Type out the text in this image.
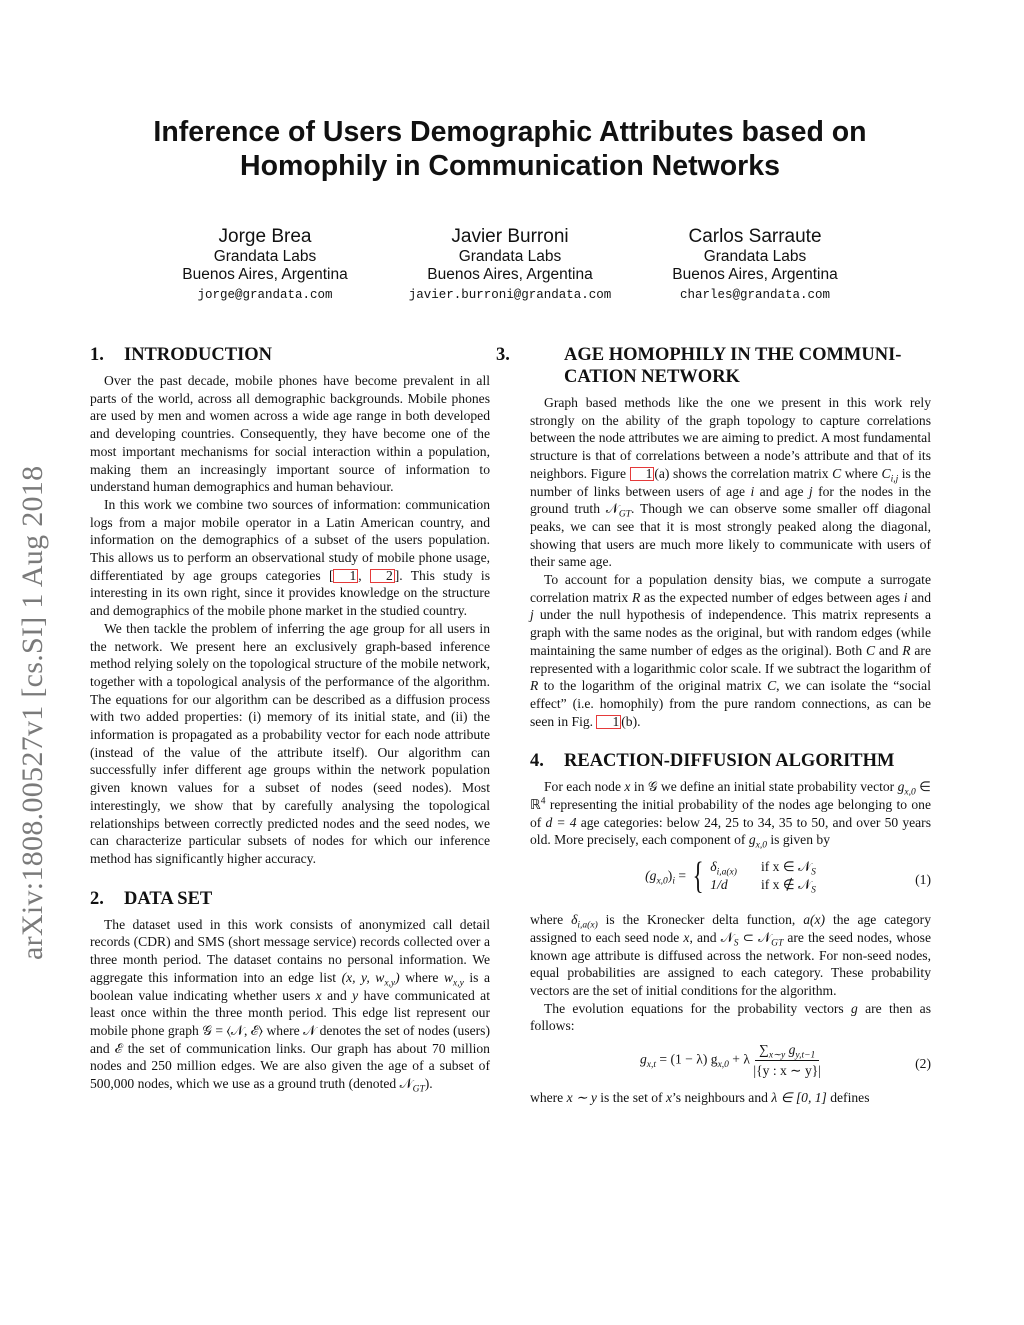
arXiv:1808.00527v1 [cs.SI] 1 Aug 2018
Inference of Users Demographic Attributes based on
Homophily in Communication Networks
Jorge Brea
Grandata Labs
Buenos Aires, Argentina
jorge@grandata.com
Javier Burroni
Grandata Labs
Buenos Aires, Argentina
javier.burroni@grandata.com
Carlos Sarraute
Grandata Labs
Buenos Aires, Argentina
charles@grandata.com
1. INTRODUCTION

Over the past decade, mobile phones have become prevalent in all parts of the world, across all demographic backgrounds. Mobile phones are used by men and women across a wide age range in both developed and developing countries. Consequently, they have become one of the most important mechanisms for social interaction within a population, making them an increasingly important source of information to understand human demographics and human behaviour.

In this work we combine two sources of information: communication logs from a major mobile operator in a Latin American country, and information on the demographics of a subset of the users population. This allows us to perform an observational study of mobile phone usage, differentiated by age groups categories [ 1 , 2 ]. This study is interesting in its own right, since it provides knowledge on the structure and demographics of the mobile phone market in the studied country.

We then tackle the problem of inferring the age group for all users in the network. We present here an exclusively graph-based inference method relying solely on the topological structure of the mobile network, together with a topological analysis of the performance of the algorithm. The equations for our algorithm can be described as a diffusion process with two added properties: (i) memory of its initial state, and (ii) the information is propagated as a probability vector for each node attribute (instead of the value of the attribute itself). Our algorithm can successfully infer different age groups within the network population given known values for a subset of nodes (seed nodes). Most interestingly, we show that by carefully analysing the topological relationships between correctly predicted nodes and the seed nodes, we can characterize particular subsets of nodes for which our inference method has significantly higher accuracy.

2. DATA SET

The dataset used in this work consists of anonymized call detail records (CDR) and SMS (short message service) records collected over a three month period. The dataset contains no personal information. We aggregate this information into an edge list (x, y, $w_{x,y}$) where $w_{x,y}$ is a boolean value indicating whether users x and y have communicated at least once within the three month period. This edge list represent our mobile phone graph 𝒢 = ⟨𝒩, ℰ⟩ where 𝒩 denotes the set of nodes (users) and ℰ the set of communication links. Our graph has about 70 million nodes and 250 million edges. We are also given the age of a subset of 500,000 nodes, which we use as a ground truth (denoted 𝒩$_{GT}$).

3.	AGE HOMOPHILY IN THE COMMUNI-
CATION NETWORK

Graph based methods like the one we present in this work rely strongly on the ability of the graph topology to capture correlations between the node attributes we are aiming to predict. A most fundamental structure is that of correlations between a node’s attribute and that of its neighbors. Figure 1 (a) shows the correlation matrix C where $C_{i,j}$ is the number of links between users of age i and age j for the nodes in the ground truth 𝒩$_{GT}$. Though we can observe some smaller off diagonal peaks, we can see that it is most strongly peaked along the diagonal, showing that users are much more likely to communicate with users of their same age.

To account for a population density bias, we compute a surrogate correlation matrix R as the expected number of edges between ages i and j under the null hypothesis of independence. This matrix represents a graph with the same nodes as the original, but with random edges (while maintaining the same number of edges as the original). Both C and R are represented with a logarithmic color scale. If we subtract the logarithm of R to the logarithm of the original matrix C, we can isolate the “social effect” (i.e. homophily) from the pure random connections, as can be seen in Fig. 1 (b).

4. REACTION-DIFFUSION ALGORITHM

For each node x in 𝒢 we define an initial state probability vector $g_{x,0}$ ∈ ℝ$^4$ representing the initial probability of the nodes age belonging to one of d = 4 age categories: below 24, 25 to 34, 35 to 50, and over 50 years old. More precisely, each component of $g_{x,0}$ is given by

$(g_{x,0})_i$ = { $\delta_{i,a(x)}$ if x ∈ 𝒩$_S$
1/d	if x ∉ 𝒩$_S$
(1)

where $\delta_{i,a(x)}$ is the Kronecker delta function, a(x) the age category assigned to each seed node x, and 𝒩$_S$ ⊂ 𝒩$_{GT}$ are the seed nodes, whose known age attribute is diffused across the network. For non-seed nodes, equal probabilities are assigned to each category. These probability vectors are the set of initial conditions for the algorithm.

The evolution equations for the probability vectors g are then as follows:

$g_{x,t} = (1 - \lambda) g_{x,0} + \lambda \frac{\sum_{x\sim y} g_{y,t-1}}{|\{y : x \sim y\}|}$	(2)

where x ∼ y is the set of x’s neighbours and λ ∈ [0, 1] defines
